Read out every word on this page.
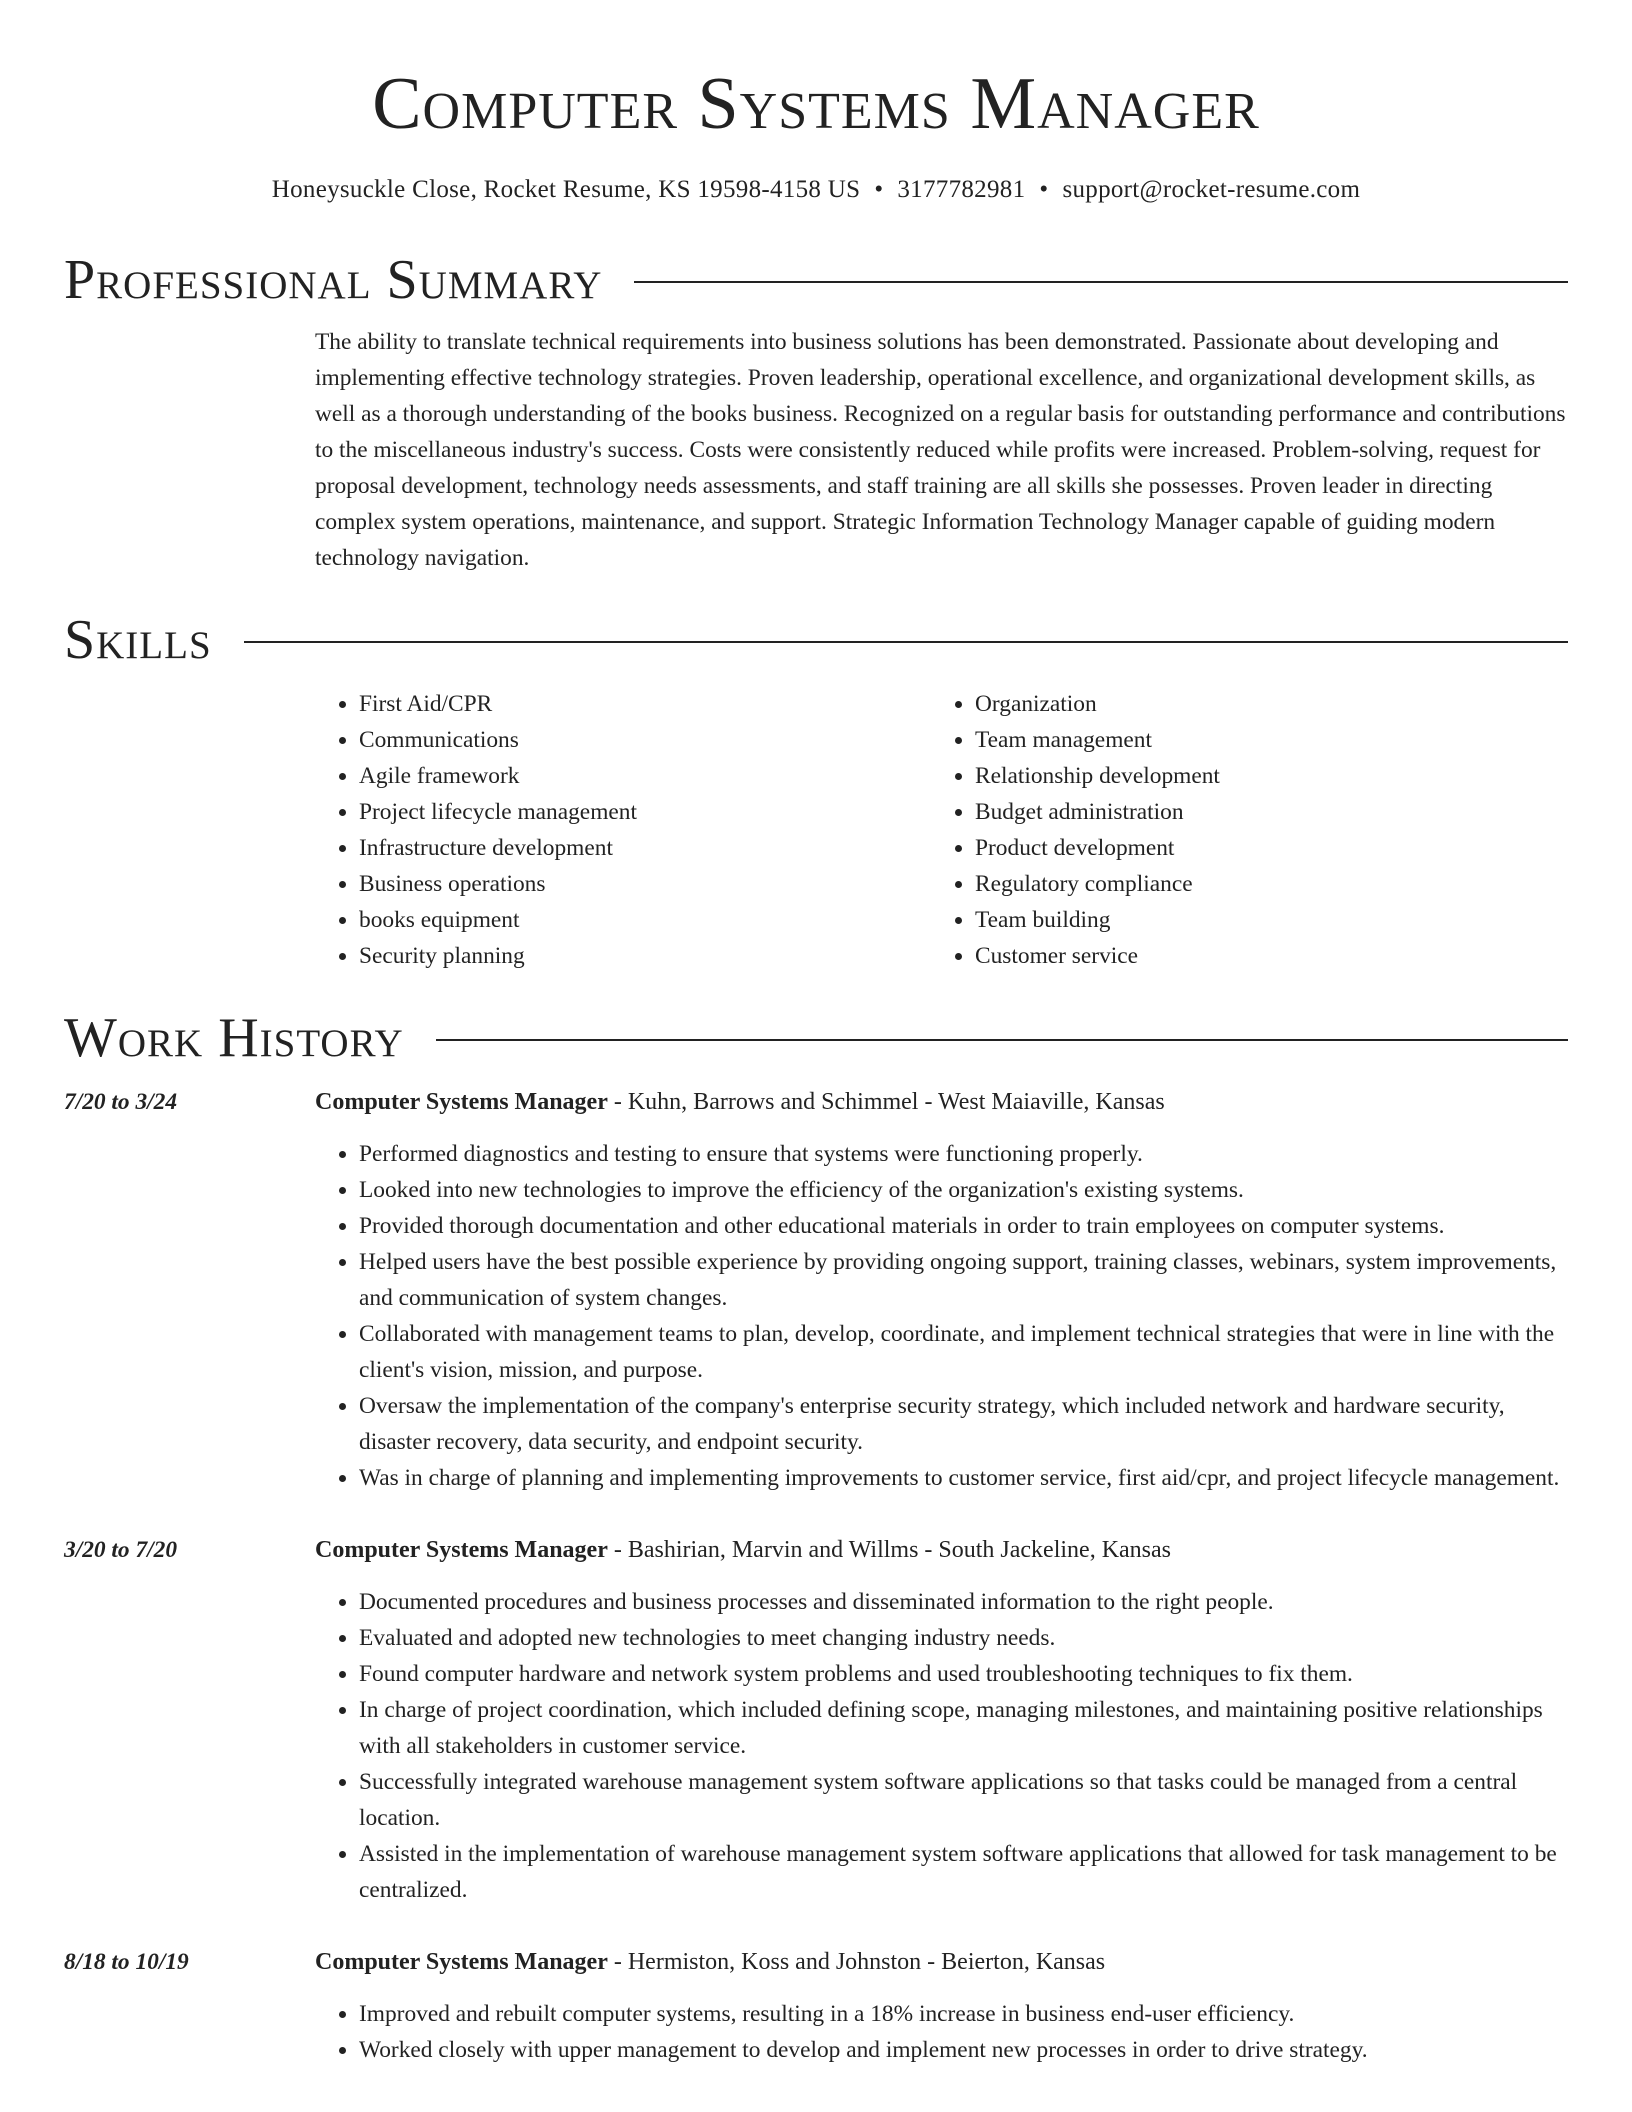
Computer Systems Manager
Honeysuckle Close, Rocket Resume, KS 19598-4158 US • 3177782981 • support@rocket-resume.com
Professional Summary
The ability to translate technical requirements into business solutions has been demonstrated. Passionate about developing and implementing effective technology strategies. Proven leadership, operational excellence, and organizational development skills, as well as a thorough understanding of the books business. Recognized on a regular basis for outstanding performance and contributions to the miscellaneous industry's success. Costs were consistently reduced while profits were increased. Problem-solving, request for proposal development, technology needs assessments, and staff training are all skills she possesses. Proven leader in directing complex system operations, maintenance, and support. Strategic Information Technology Manager capable of guiding modern technology navigation.
Skills
• First Aid/CPR
• Communications
• Agile framework
• Project lifecycle management
• Infrastructure development
• Business operations
• books equipment
• Security planning
• Organization
• Team management
• Relationship development
• Budget administration
• Product development
• Regulatory compliance
• Team building
• Customer service
Work History
7/20 to 3/24	Computer Systems Manager - Kuhn, Barrows and Schimmel - West Maiaville, Kansas
• Performed diagnostics and testing to ensure that systems were functioning properly.
• Looked into new technologies to improve the efficiency of the organization's existing systems.
• Provided thorough documentation and other educational materials in order to train employees on computer systems.
• Helped users have the best possible experience by providing ongoing support, training classes, webinars, system improvements, and communication of system changes.
• Collaborated with management teams to plan, develop, coordinate, and implement technical strategies that were in line with the client's vision, mission, and purpose.
• Oversaw the implementation of the company's enterprise security strategy, which included network and hardware security, disaster recovery, data security, and endpoint security.
• Was in charge of planning and implementing improvements to customer service, first aid/cpr, and project lifecycle management.
3/20 to 7/20	Computer Systems Manager - Bashirian, Marvin and Willms - South Jackeline, Kansas
• Documented procedures and business processes and disseminated information to the right people.
• Evaluated and adopted new technologies to meet changing industry needs.
• Found computer hardware and network system problems and used troubleshooting techniques to fix them.
• In charge of project coordination, which included defining scope, managing milestones, and maintaining positive relationships with all stakeholders in customer service.
• Successfully integrated warehouse management system software applications so that tasks could be managed from a central location.
• Assisted in the implementation of warehouse management system software applications that allowed for task management to be centralized.
8/18 to 10/19	Computer Systems Manager - Hermiston, Koss and Johnston - Beierton, Kansas
• Improved and rebuilt computer systems, resulting in a 18% increase in business end-user efficiency.
• Worked closely with upper management to develop and implement new processes in order to drive strategy.
